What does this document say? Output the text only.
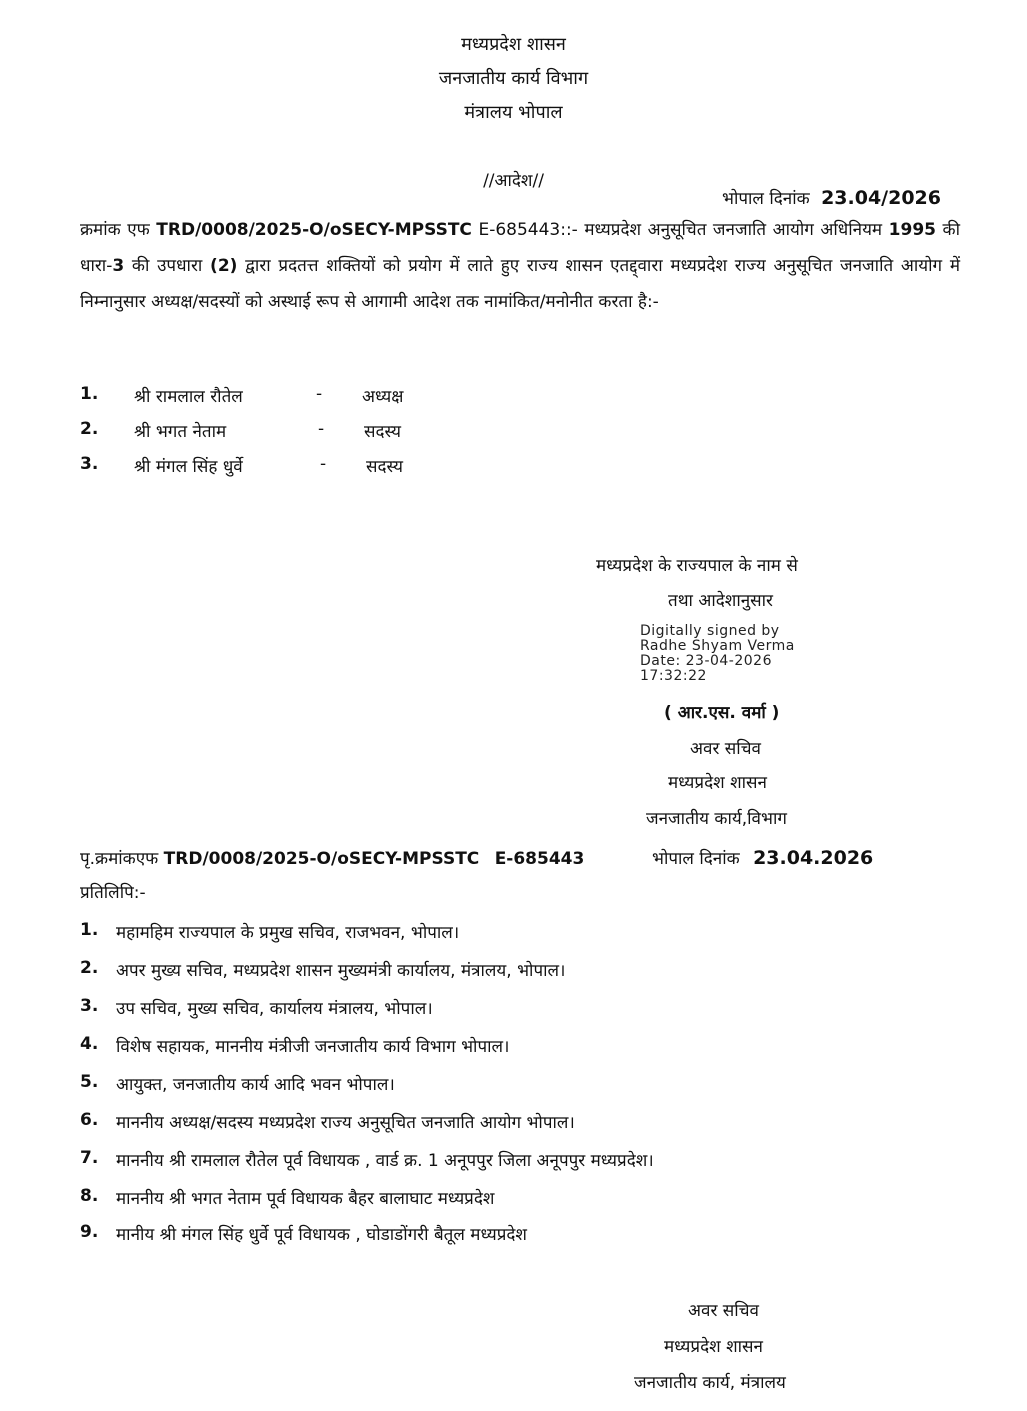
मध्यप्रदेश शासन
जनजातीय कार्य विभाग
मंत्रालय भोपाल
//आदेश//
भोपाल दिनांक 23.04/2026
क्रमांक एफ TRD/0008/2025-O/oSECY-MPSSTC E-685443::- मध्यप्रदेश अनुसूचित जनजाति आयोग अधिनियम 1995 की धारा-3 की उपधारा (2) द्वारा प्रदतत्त शक्तियों को प्रयोग में लाते हुए राज्य शासन एतद्द्वारा मध्यप्रदेश राज्य अनुसूचित जनजाति आयोग में निम्नानुसार अध्यक्ष/सदस्यों को अस्थाई रूप से आगामी आदेश तक नामांकित/मनोनीत करता है:-
1. श्री रामलाल रौतेल	- अध्यक्ष
2. श्री भगत नेताम	- सदस्य
3. श्री मंगल सिंह धुर्वे	- सदस्य
मध्यप्रदेश के राज्यपाल के नाम से
तथा आदेशानुसार
Digitally signed by
Radhe Shyam Verma
Date: 23-04-2026
17:32:22
( आर.एस. वर्मा )
अवर सचिव
मध्यप्रदेश शासन
जनजातीय कार्य,विभाग
पृ.क्रमांकएफ TRD/0008/2025-O/oSECY-MPSSTC E-685443	भोपाल दिनांक 23.04.2026
प्रतिलिपि:-
1. महामहिम राज्यपाल के प्रमुख सचिव, राजभवन, भोपाल।
2. अपर मुख्य सचिव, मध्यप्रदेश शासन मुख्यमंत्री कार्यालय, मंत्रालय, भोपाल।
3. उप सचिव, मुख्य सचिव, कार्यालय मंत्रालय, भोपाल।
4. विशेष सहायक, माननीय मंत्रीजी जनजातीय कार्य विभाग भोपाल।
5. आयुक्त, जनजातीय कार्य आदि भवन भोपाल।
6. माननीय अध्यक्ष/सदस्य मध्यप्रदेश राज्य अनुसूचित जनजाति आयोग भोपाल।
7. माननीय श्री रामलाल रौतेल पूर्व विधायक , वार्ड क्र. 1 अनूपपुर जिला अनूपपुर मध्यप्रदेश।
8. माननीय श्री भगत नेताम पूर्व विधायक बैहर बालाघाट मध्यप्रदेश
9. मानीय श्री मंगल सिंह धुर्वे पूर्व विधायक , घोडाडोंगरी बैतूल मध्यप्रदेश
अवर सचिव
मध्यप्रदेश शासन
जनजातीय कार्य, मंत्रालय
